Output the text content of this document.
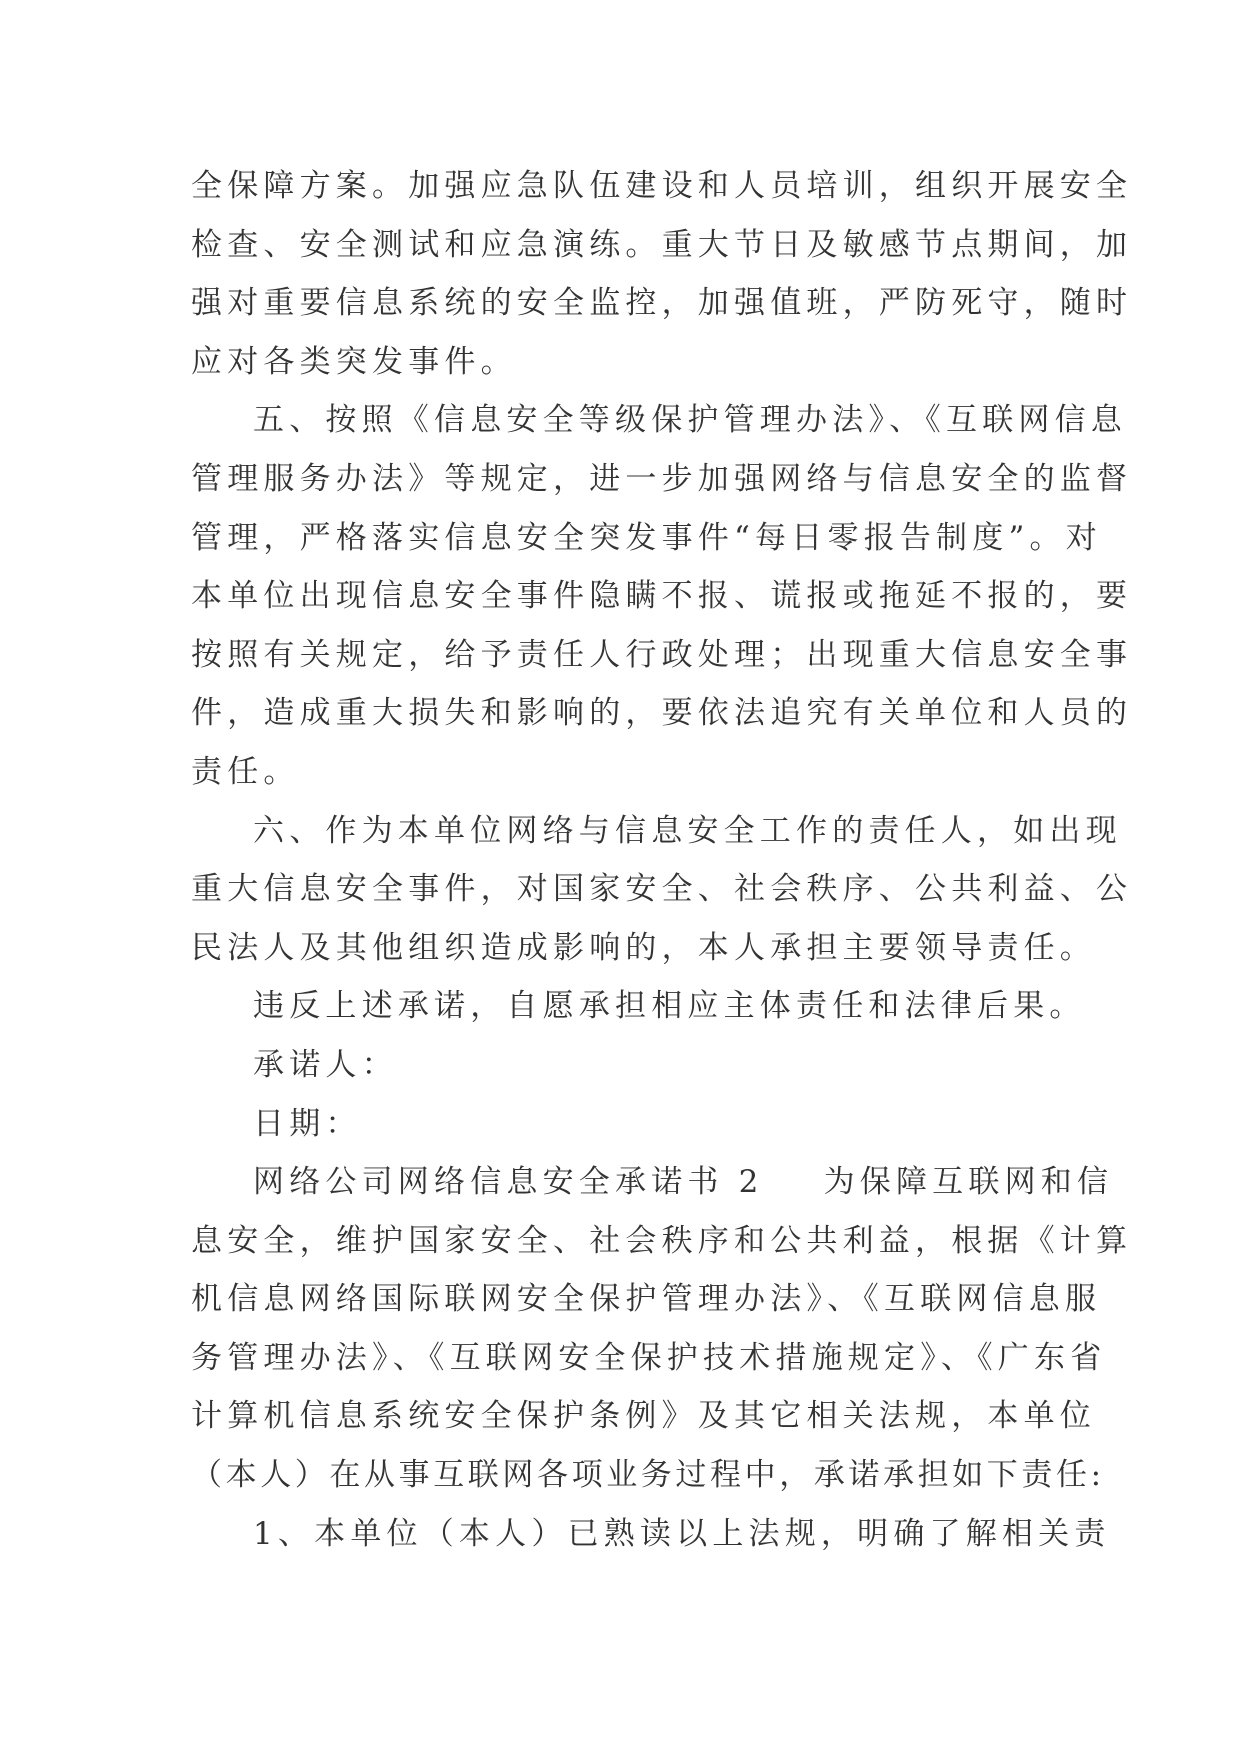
全保障方案。加强应急队伍建设和人员培训，组织开展安全
检查、安全测试和应急演练。重大节日及敏感节点期间，加
强对重要信息系统的安全监控，加强值班，严防死守，随时
应对各类突发事件。
五、按照《信息安全等级保护管理办法》、《互联网信息
管理服务办法》等规定，进一步加强网络与信息安全的监督
管理，严格落实信息安全突发事件“每日零报告制度”。对
本单位出现信息安全事件隐瞒不报、谎报或拖延不报的，要
按照有关规定，给予责任人行政处理；出现重大信息安全事
件，造成重大损失和影响的，要依法追究有关单位和人员的
责任。
六、作为本单位网络与信息安全工作的责任人，如出现
重大信息安全事件，对国家安全、社会秩序、公共利益、公
民法人及其他组织造成影响的，本人承担主要领导责任。
违反上述承诺，自愿承担相应主体责任和法律后果。
承诺人：
日期：
网络公司网络信息安全承诺书 2 为保障互联网和信
息安全，维护国家安全、社会秩序和公共利益，根据《计算
机信息网络国际联网安全保护管理办法》、《互联网信息服
务管理办法》、《互联网安全保护技术措施规定》、《广东省
计算机信息系统安全保护条例》及其它相关法规，本单位
（本人）在从事互联网各项业务过程中，承诺承担如下责任:
1、本单位（本人）已熟读以上法规，明确了解相关责
